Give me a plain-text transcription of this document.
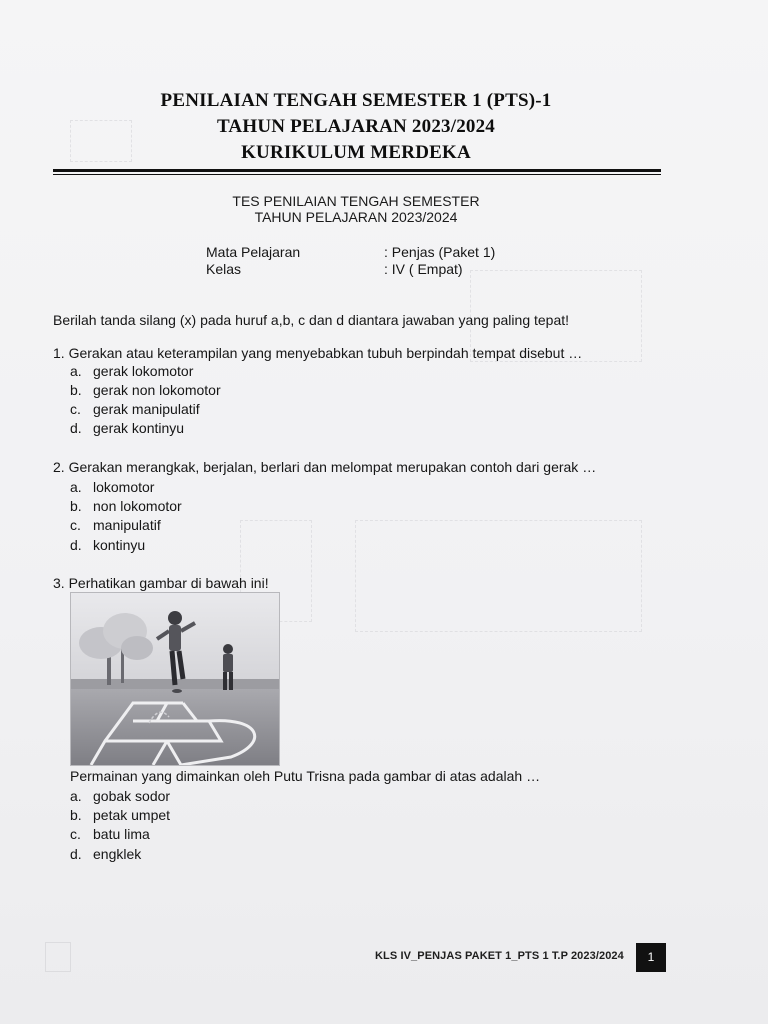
PENILAIAN TENGAH SEMESTER 1 (PTS)-1
TAHUN PELAJARAN 2023/2024
KURIKULUM MERDEKA
TES PENILAIAN TENGAH SEMESTER
TAHUN PELAJARAN 2023/2024
Mata Pelajaran	: Penjas (Paket 1)
Kelas	: IV ( Empat)
Berilah tanda silang (x) pada huruf a,b, c dan d diantara jawaban yang paling tepat!
1. Gerakan atau keterampilan yang menyebabkan tubuh berpindah tempat disebut …
a. gerak lokomotor
b. gerak non lokomotor
c. gerak manipulatif
d. gerak kontinyu
2. Gerakan merangkak, berjalan, berlari dan melompat merupakan contoh dari gerak …
a. lokomotor
b. non lokomotor
c. manipulatif
d. kontinyu
3. Perhatikan gambar di bawah ini!
Permainan yang dimainkan oleh Putu Trisna pada gambar di atas adalah …
a. gobak sodor
b. petak umpet
c. batu lima
d. engklek
KLS IV_PENJAS PAKET 1_PTS 1 T.P 2023/2024	1
